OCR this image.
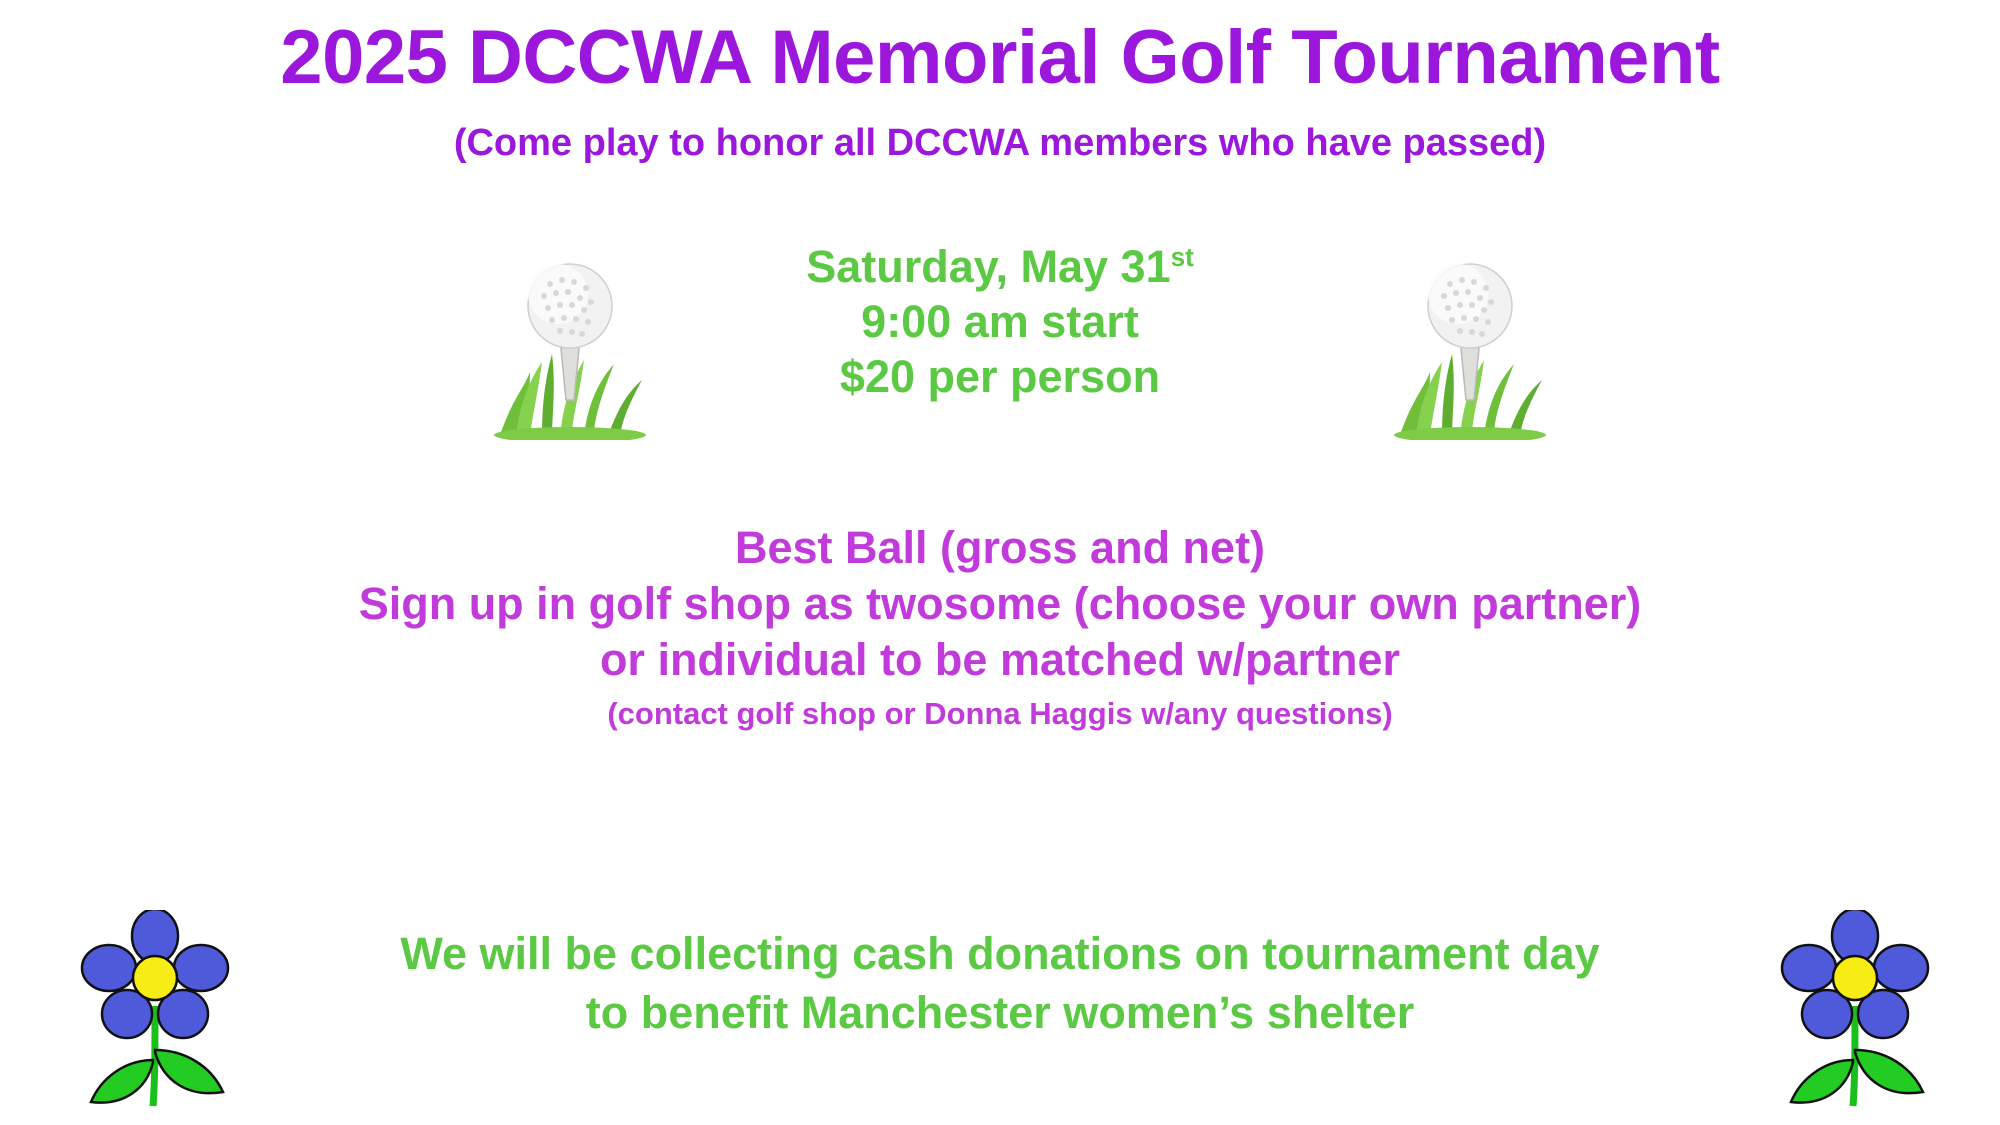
2025 DCCWA Memorial Golf Tournament
(Come play to honor all DCCWA members who have passed)
Saturday, May 31st
9:00 am start
$20 per person
Best Ball (gross and net)
Sign up in golf shop as twosome (choose your own partner)
or individual to be matched w/partner
(contact golf shop or Donna Haggis w/any questions)
We will be collecting cash donations on tournament day
to benefit Manchester women’s shelter
